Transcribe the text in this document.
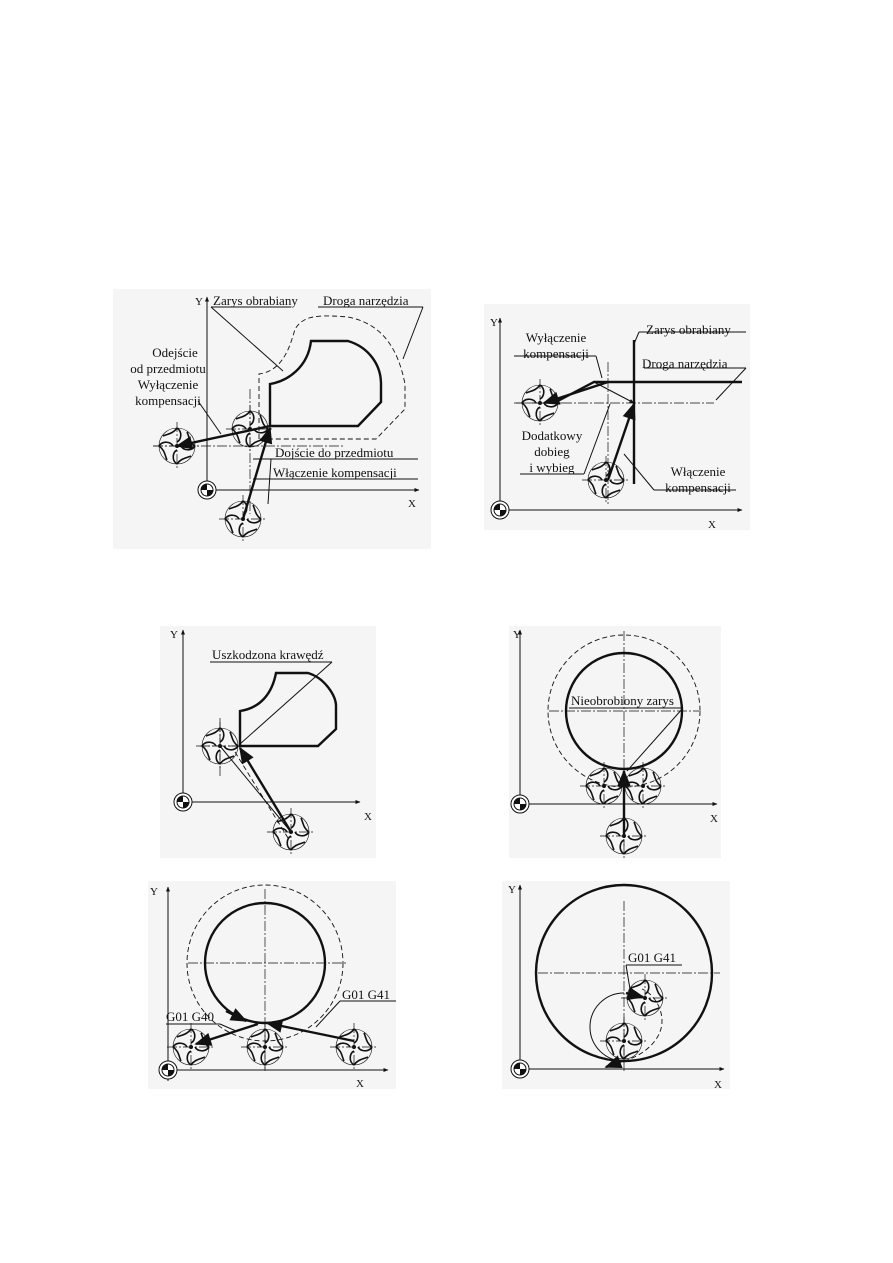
Y
X
Zarys obrabiany Droga narzędzia
Odejście
od przedmiotu
Wyłączenie
kompensacji
Dojście do przedmiotu
Włączenie kompensacji
Y
X
Zarys obrabiany
Droga narzędzia
Wyłączenie
kompensacji
Dodatkowy
dobieg
i wybieg	Włączenie
kompensacji
Y
X
Uszkodzona krawędź
Y
X
Nieobrobiony zarys
Y
X
G01 G40
G01 G41
Y
X
G01 G41
